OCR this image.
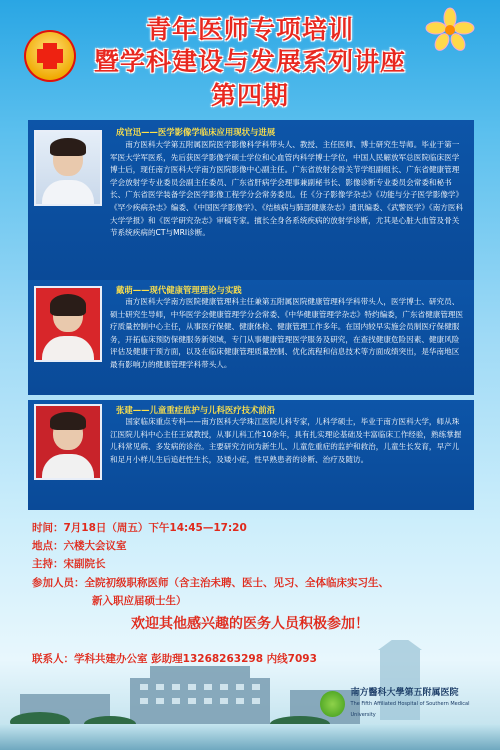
青年医师专项培训
暨学科建设与发展系列讲座
第四期
成官迅——医学影像学临床应用现状与进展

南方医科大学第五附属医院医学影像科学科带头人、教授、主任医师、博士研究生导师。毕业于第一军医大学军医系，先后获医学影像学硕士学位和心血管内科学博士学位，中国人民解放军总医院临床医学博士后，现任南方医科大学南方医院影像中心副主任。广东省放射会骨关节学组副组长、广东省健康管理学会放射学专业委员会副主任委员、广东省肝病学会理事兼副秘书长、影像诊断专业委员会常委和秘书长、广东省医学装备学会医学影像工程学分会常务委员。任《分子影像学杂志》《功能与分子医学影像学》《罕少疾病杂志》编委、《中国医学影像学》、《结核病与肺部健康杂志》通讯编委、《武警医学》《南方医科大学学报》和《医学研究杂志》审稿专家。擅长全身各系统疾病的放射学诊断，尤其是心脏大血管及骨关节系统疾病的CT与MRI诊断。

戴萌——现代健康管理理论与实践

南方医科大学南方医院健康管理科主任兼第五附属医院健康管理科学科带头人，医学博士、研究员、硕士研究生导师，中华医学会健康管理学分会常委、《中华健康管理学杂志》特约编委，广东省健康管理医疗质量控制中心主任，从事医疗保健、健康体检、健康管理工作多年。在国内较早实施会员制医疗保健服务，开拓临床预防保健服务新领域，专门从事健康管理医学服务及研究，在查找健康危险因素、健康风险评估及健康干预方面，以及在临床健康管理质量控制、优化流程和信息技术等方面成绩突出，是华南地区最有影响力的健康管理学科带头人。

张建——儿童重症监护与儿科医疗技术前沿

国家临床重点专科——南方医科大学珠江医院儿科专家，儿科学硕士，毕业于南方医科大学，师从珠江医院儿科中心主任王斌教授，从事儿科工作10余年，具有扎实理论基础及丰富临床工作经验，熟练掌握儿科常见病、多发病的诊治。主要研究方向为新生儿、儿童危重症的监护和救治，儿童生长发育，早产儿和足月小样儿生后追赶性生长，及矮小症，性早熟患者的诊断、治疗及随访。

时间：7月18日（周五）下午14:45—17:20
地点：六楼大会议室
主持：宋副院长
参加人员：全院初级职称医师（含主治未聘、医士、见习、全体临床实习生、
新入职应届硕士生）
欢迎其他感兴趣的医务人员积极参加！
联系人：学科共建办公室 彭助理13268263298 内线7093
南方醫科大學第五附属医院
The Fifth Affiliated Hospital of Southern Medical University
